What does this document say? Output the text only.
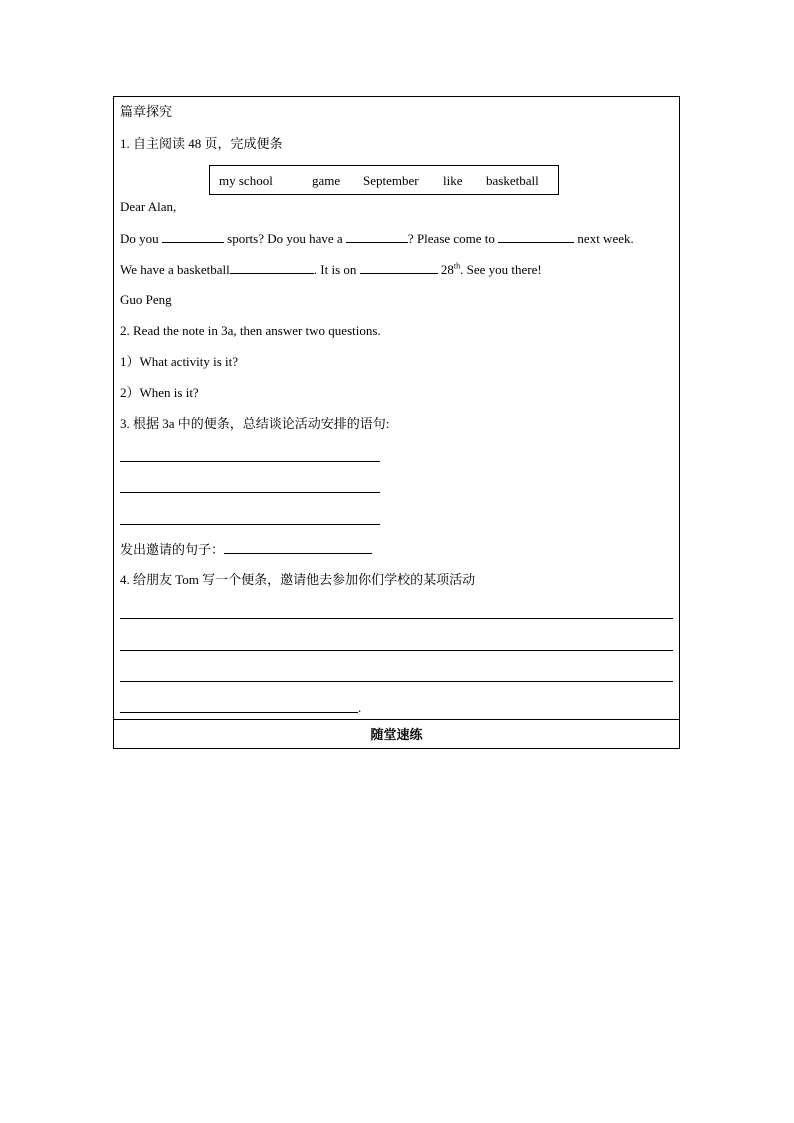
篇章探究
1. 自主阅读 48 页，完成便条
my school	game September like basketball
Dear Alan,
Do you	sports? Do you have a	? Please come to	next week.
We have a basketball	. It is on	28th. See you there!
Guo Peng
2. Read the note in 3a, then answer two questions.
1）What activity is it?
2）When is it?
3. 根据 3a 中的便条，总结谈论活动安排的语句:
发出邀请的句子：
4. 给朋友 Tom 写一个便条，邀请他去参加你们学校的某项活动
.
随堂速练
